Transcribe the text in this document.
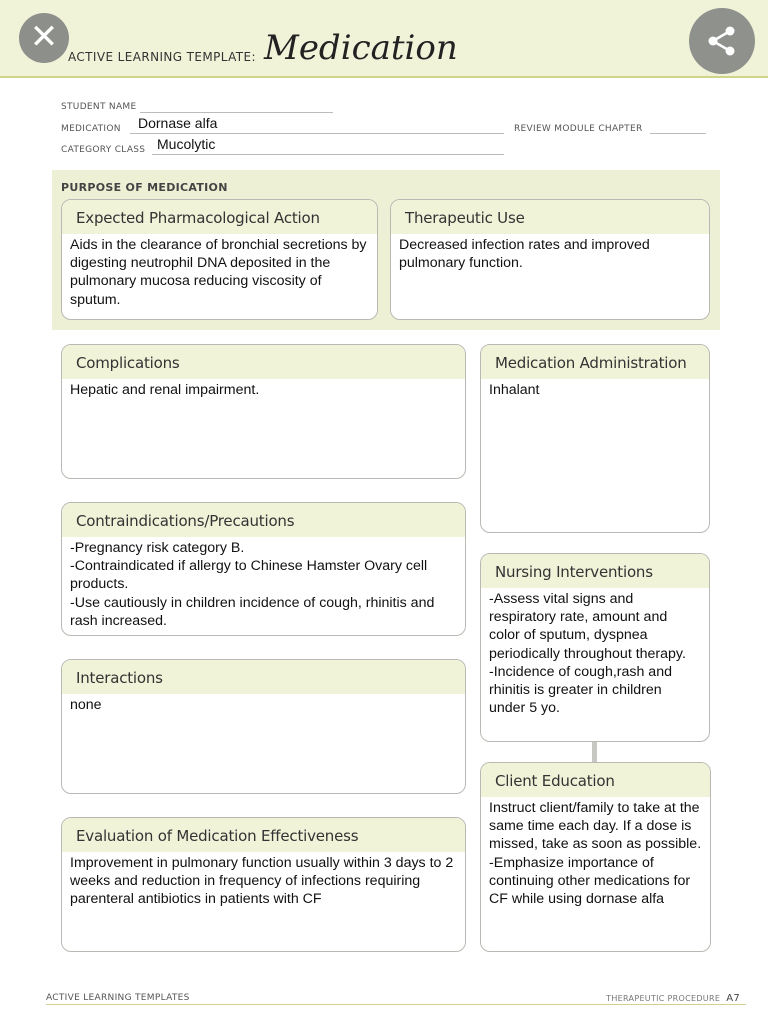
✕ ACTIVE LEARNING TEMPLATE: Medication
STUDENT NAME
MEDICATION Dornase alfa	REVIEW MODULE CHAPTER
CATEGORY CLASS Mucolytic
PURPOSE OF MEDICATION
Expected Pharmacological Action
Aids in the clearance of bronchial secretions by digesting neutrophil DNA deposited in the pulmonary mucosa reducing viscosity of sputum.
Therapeutic Use
Decreased infection rates and improved pulmonary function.
Complications
Hepatic and renal impairment.
Contraindications/Precautions
-Pregnancy risk category B.
-Contraindicated if allergy to Chinese Hamster Ovary cell products.
-Use cautiously in children incidence of cough, rhinitis and rash increased.
Interactions
none
Evaluation of Medication Effectiveness
Improvement in pulmonary function usually within 3 days to 2 weeks and reduction in frequency of infections requiring parenteral antibiotics in patients with CF
Medication Administration
Inhalant
Nursing Interventions
-Assess vital signs and respiratory rate, amount and color of sputum, dyspnea periodically throughout therapy.
-Incidence of cough,rash and rhinitis is greater in children under 5 yo.
Client Education
Instruct client/family to take at the same time each day. If a dose is missed, take as soon as possible.
-Emphasize importance of continuing other medications for CF while using dornase alfa
ACTIVE LEARNING TEMPLATES	THERAPEUTIC PROCEDURE A7
